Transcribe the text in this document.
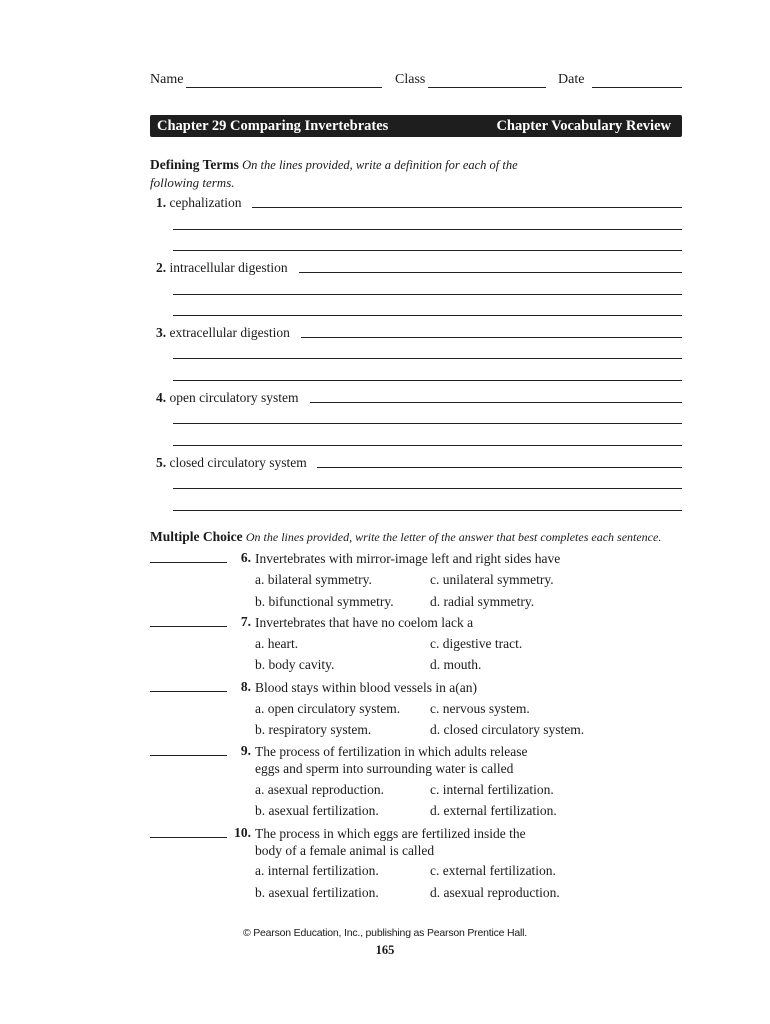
Name	Class	Date
Chapter 29 Comparing Invertebrates	Chapter Vocabulary Review
Defining Terms On the lines provided, write a definition for each of the
following terms.
1. cephalization
2. intracellular digestion
3. extracellular digestion
4. open circulatory system
5. closed circulatory system
Multiple Choice On the lines provided, write the letter of the answer that best completes each sentence.
6. Invertebrates with mirror-image left and right sides have
a. bilateral symmetry.	c. unilateral symmetry.
b. bifunctional symmetry.	d. radial symmetry.
7. Invertebrates that have no coelom lack a
a. heart.	c. digestive tract.
b. body cavity.	d. mouth.
8. Blood stays within blood vessels in a(an)
a. open circulatory system. c. nervous system.
b. respiratory system.	d. closed circulatory system.
9. The process of fertilization in which adults release eggs and sperm into surrounding water is called
a. asexual reproduction.	c. internal fertilization.
b. asexual fertilization.	d. external fertilization.
10. The process in which eggs are fertilized inside the body of a female animal is called
a. internal fertilization.	c. external fertilization.
b. asexual fertilization.	d. asexual reproduction.
© Pearson Education, Inc., publishing as Pearson Prentice Hall.
165
